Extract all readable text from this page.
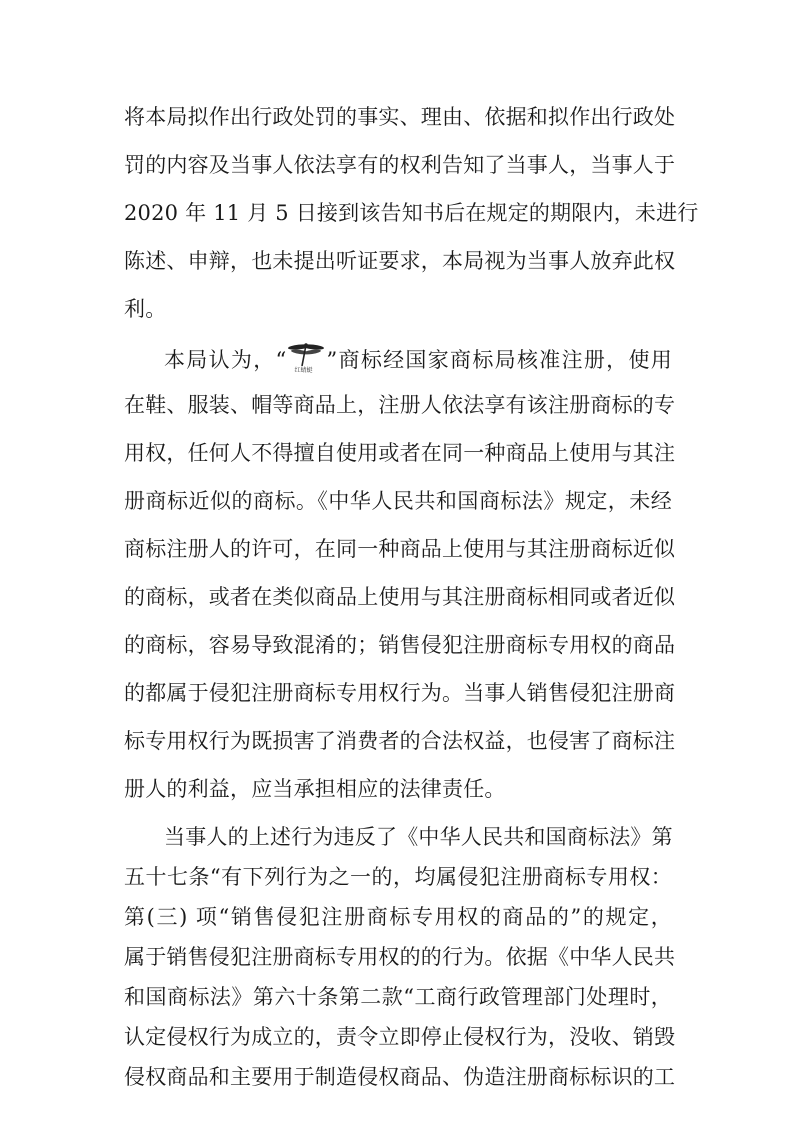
将本局拟作出行政处罚的事实、理由、依据和拟作出行政处
罚的内容及当事人依法享有的权利告知了当事人，当事人于
2020 年 11 月 5 日接到该告知书后在规定的期限内，未进行
陈述、申辩，也未提出听证要求，本局视为当事人放弃此权
利。
本局认为，“ 红蜻蜓 ”商标经国家商标局核准注册，使用
在鞋、服装、帽等商品上，注册人依法享有该注册商标的专
用权，任何人不得擅自使用或者在同一种商品上使用与其注
册商标近似的商标。《中华人民共和国商标法》规定，未经
商标注册人的许可，在同一种商品上使用与其注册商标近似
的商标，或者在类似商品上使用与其注册商标相同或者近似
的商标，容易导致混淆的；销售侵犯注册商标专用权的商品
的都属于侵犯注册商标专用权行为。当事人销售侵犯注册商
标专用权行为既损害了消费者的合法权益，也侵害了商标注
册人的利益，应当承担相应的法律责任。
当事人的上述行为违反了《中华人民共和国商标法》第
五十七条“有下列行为之一的，均属侵犯注册商标专用权：
第(三) 项“销售侵犯注册商标专用权的商品的”的规定，
属于销售侵犯注册商标专用权的的行为。依据《中华人民共
和国商标法》第六十条第二款“工商行政管理部门处理时，
认定侵权行为成立的，责令立即停止侵权行为，没收、销毁
侵权商品和主要用于制造侵权商品、伪造注册商标标识的工
